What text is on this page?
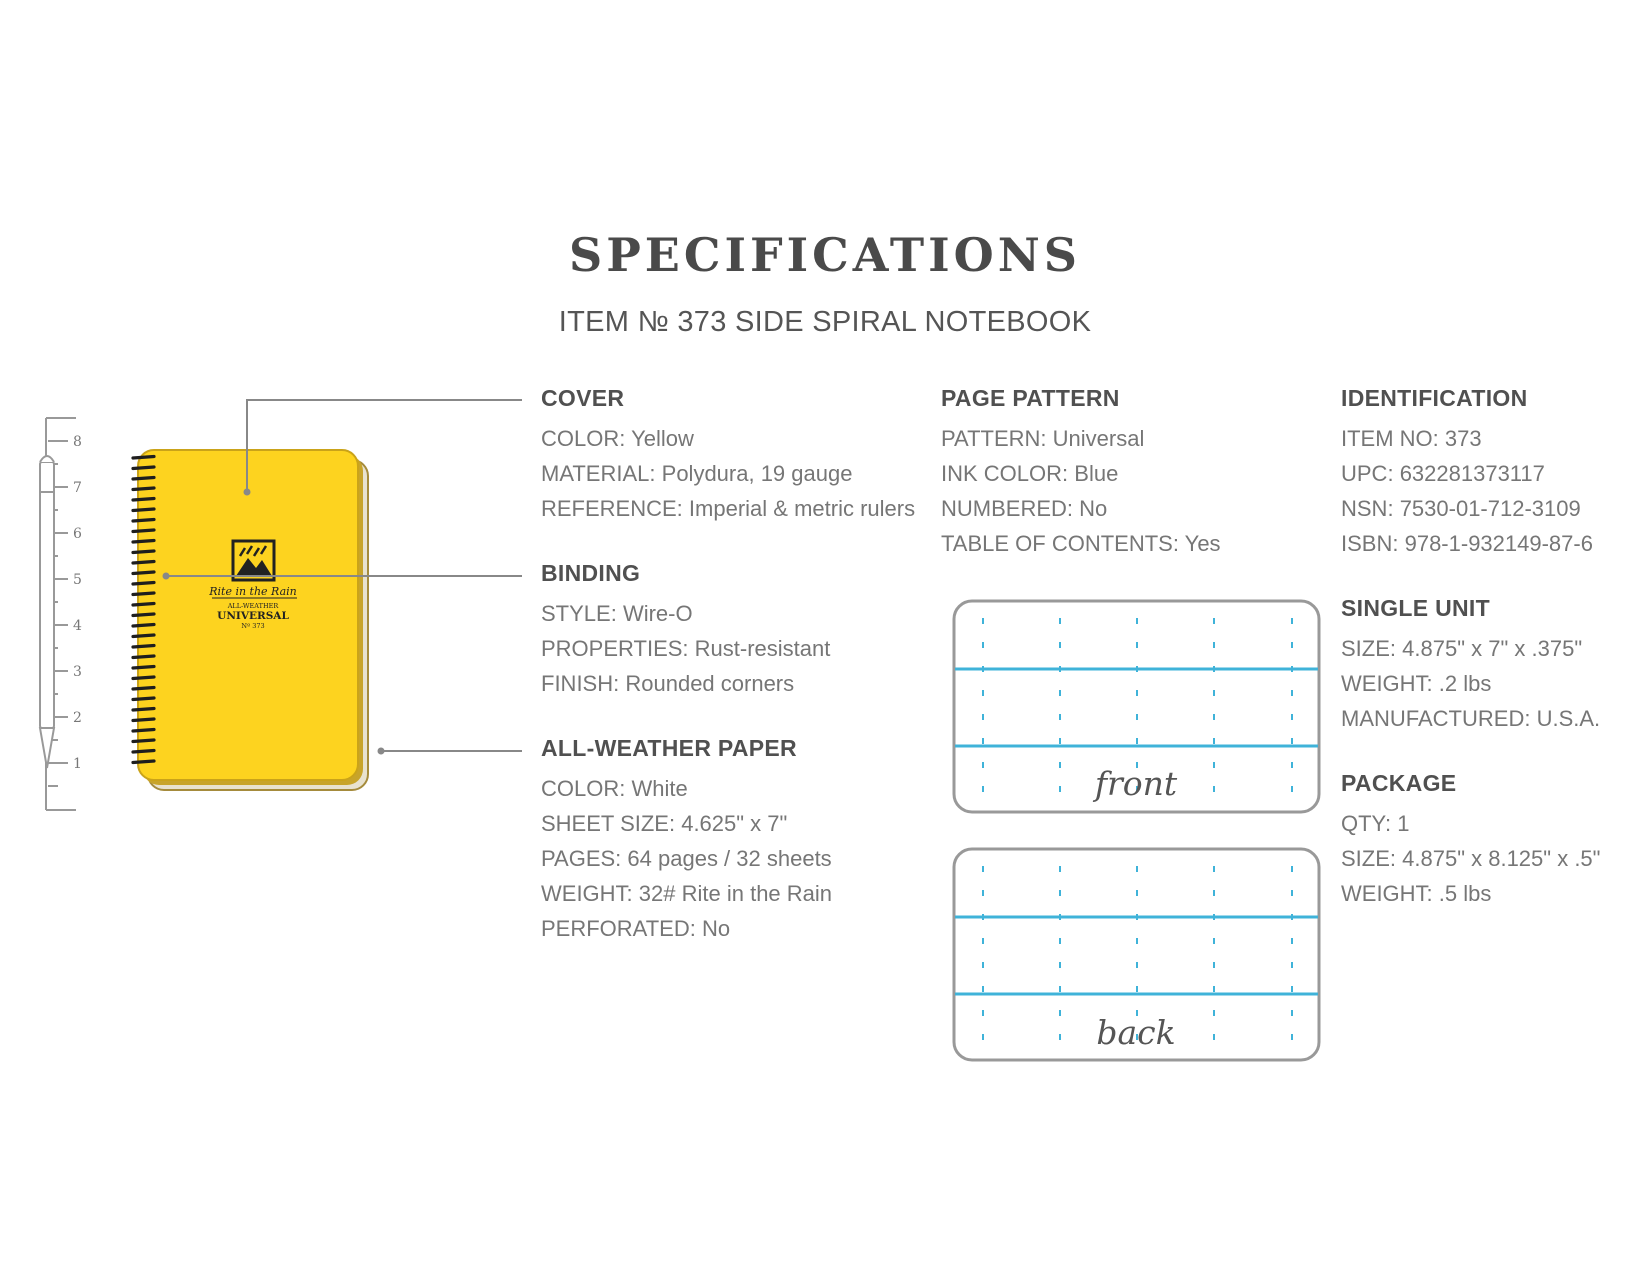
SPECIFICATIONS
ITEM № 373 SIDE SPIRAL NOTEBOOK
8
7
6
5
4
3
2
1
Rite in the Rain
ALL-WEATHER
UNIVERSAL
Nº 373
front
back
COVER
COLOR: Yellow
MATERIAL: Polydura, 19 gauge
REFERENCE: Imperial & metric rulers
BINDING
STYLE: Wire-O
PROPERTIES: Rust-resistant
FINISH: Rounded corners
ALL-WEATHER PAPER
COLOR: White
SHEET SIZE: 4.625" x 7"
PAGES: 64 pages / 32 sheets
WEIGHT: 32# Rite in the Rain
PERFORATED: No
PAGE PATTERN
PATTERN: Universal
INK COLOR: Blue
NUMBERED: No
TABLE OF CONTENTS: Yes
IDENTIFICATION
ITEM NO: 373
UPC: 632281373117
NSN: 7530-01-712-3109
ISBN: 978-1-932149-87-6
SINGLE UNIT
SIZE: 4.875" x 7" x .375"
WEIGHT: .2 lbs
MANUFACTURED: U.S.A.
PACKAGE
QTY: 1
SIZE: 4.875" x 8.125" x .5"
WEIGHT: .5 lbs
